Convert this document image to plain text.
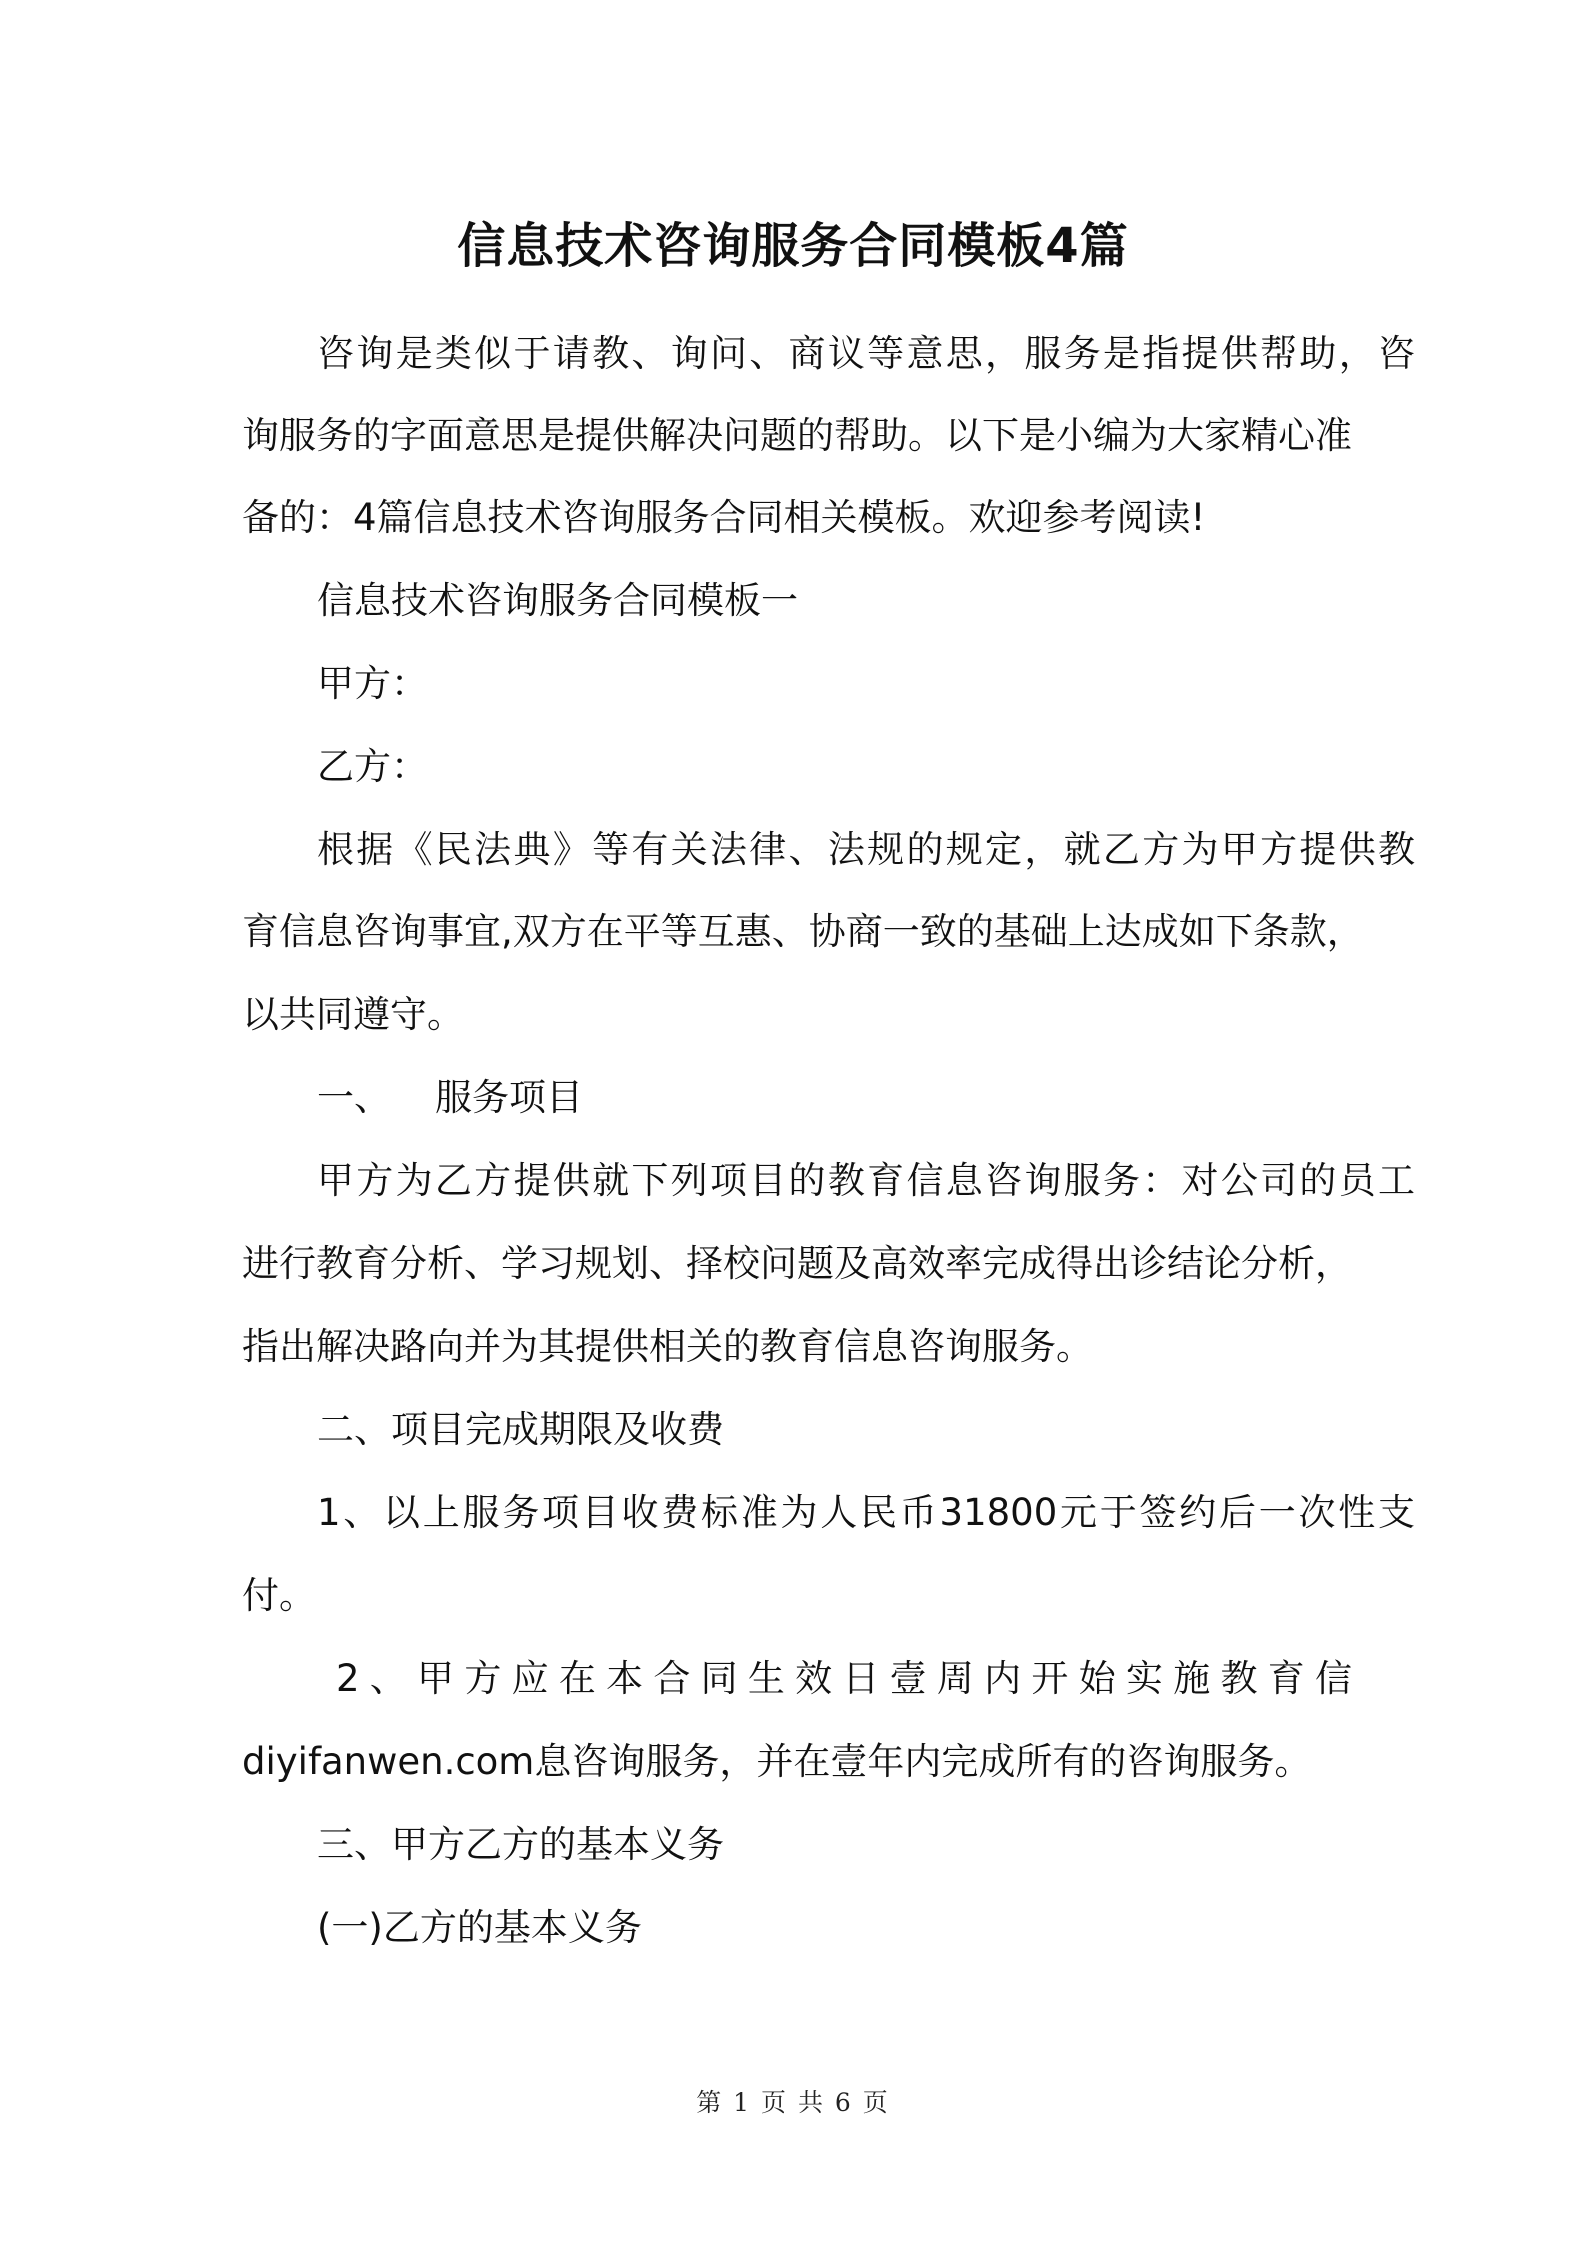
信息技术咨询服务合同模板4篇
咨询是类似于请教、询问、商议等意思，服务是指提供帮助，咨
询服务的字面意思是提供解决问题的帮助。以下是小编为大家精心准
备的：4篇信息技术咨询服务合同相关模板。欢迎参考阅读!
信息技术咨询服务合同模板一
甲方：
乙方：
根据《民法典》等有关法律、法规的规定，就乙方为甲方提供教
育信息咨询事宜,双方在平等互惠、协商一致的基础上达成如下条款，
以共同遵守。
一、 服务项目
甲方为乙方提供就下列项目的教育信息咨询服务：对公司的员工
进行教育分析、学习规划、择校问题及高效率完成得出诊结论分析，
指出解决路向并为其提供相关的教育信息咨询服务。
二、项目完成期限及收费
1、以上服务项目收费标准为人民币31800元于签约后一次性支
付。
2、甲方应在本合同生效日壹周内开始实施教育信
diyifanwen.com息咨询服务，并在壹年内完成所有的咨询服务。
三、甲方乙方的基本义务
(一)乙方的基本义务
第 1 页 共 6 页
